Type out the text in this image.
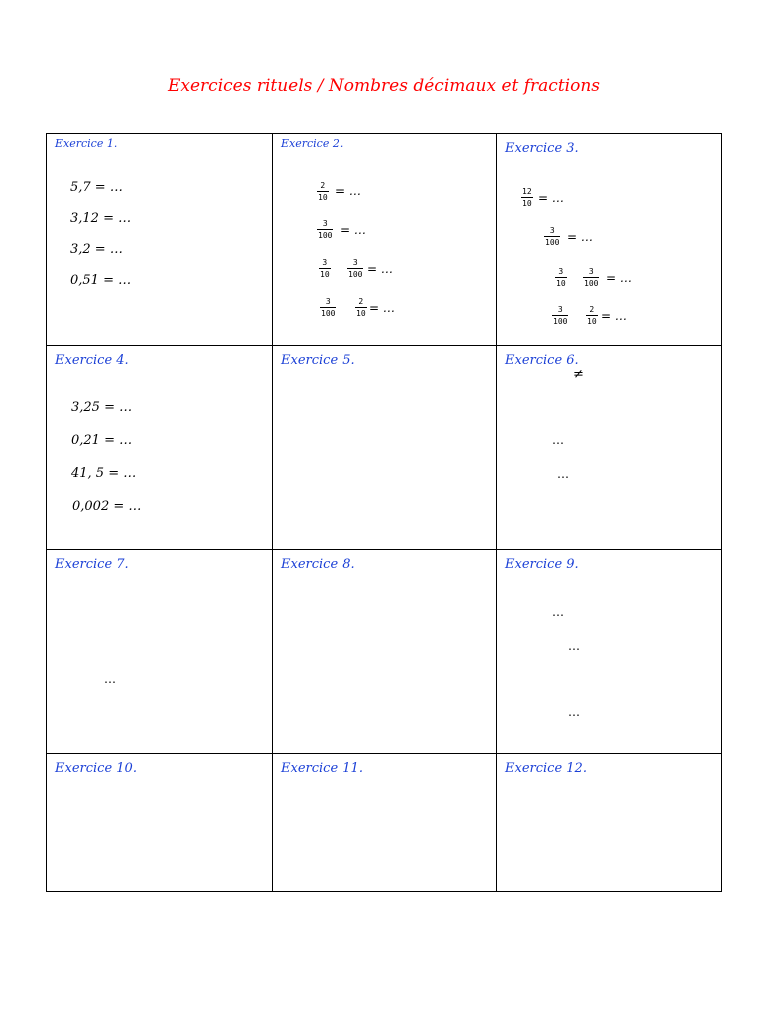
Exercices rituels / Nombres décimaux et fractions
Exercice 1.
5,7 = …
3,12 = …
3,2 = …
0,51 = …
Exercice 2.
$\frac{2}{10}$ = …
$\frac{3}{100}$ = …
$\frac{3}{10} \frac{3}{100}$ = …
$\frac{3}{100} \frac{2}{10}$ = …
Exercice 3.
$\frac{12}{10}$ = …
$\frac{3}{100}$ = …
$\frac{3}{10} \frac{3}{100}$ = …
$\frac{3}{100} \frac{2}{10}$ = …
Exercice 4.
3,25 = …
0,21 = …
41, 5 = …
0,002 = …
Exercice 5.	Exercice 6.
≠
…
…
Exercice 7.
…
Exercice 8.	Exercice 9.
…
…
…
Exercice 10.	Exercice 11.	Exercice 12.
